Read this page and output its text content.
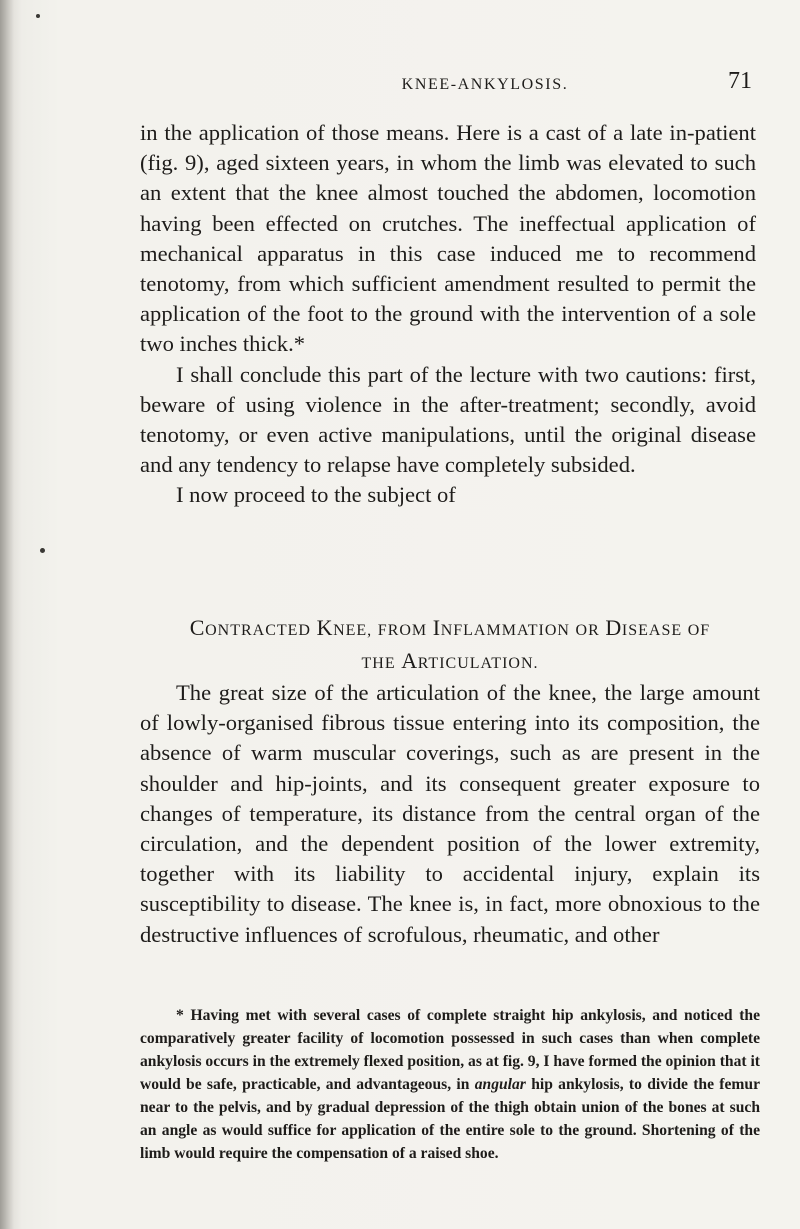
KNEE-ANKYLOSIS.	71

in the application of those means. Here is a cast of a late in-patient (fig. 9), aged sixteen years, in whom the limb was elevated to such an extent that the knee almost touched the abdomen, locomotion having been effected on crutches. The ineffectual application of mechanical apparatus in this case induced me to recommend tenotomy, from which sufficient amendment resulted to permit the application of the foot to the ground with the intervention of a sole two inches thick.*

I shall conclude this part of the lecture with two cautions: first, beware of using violence in the after-treatment; secondly, avoid tenotomy, or even active manipulations, until the original disease and any tendency to relapse have completely subsided.

I now proceed to the subject of

CONTRACTED KNEE, FROM INFLAMMATION OR DISEASE OF
THE ARTICULATION.

The great size of the articulation of the knee, the large amount of lowly-organised fibrous tissue entering into its composition, the absence of warm muscular coverings, such as are present in the shoulder and hip-joints, and its consequent greater exposure to changes of temperature, its distance from the central organ of the circulation, and the dependent position of the lower extremity, together with its liability to accidental injury, explain its susceptibility to disease. The knee is, in fact, more obnoxious to the destructive influences of scrofulous, rheumatic, and other

* Having met with several cases of complete straight hip ankylosis, and noticed the comparatively greater facility of locomotion possessed in such cases than when complete ankylosis occurs in the extremely flexed position, as at fig. 9, I have formed the opinion that it would be safe, practicable, and advantageous, in angular hip ankylosis, to divide the femur near to the pelvis, and by gradual depression of the thigh obtain union of the bones at such an angle as would suffice for application of the entire sole to the ground. Shortening of the limb would require the compensation of a raised shoe.
